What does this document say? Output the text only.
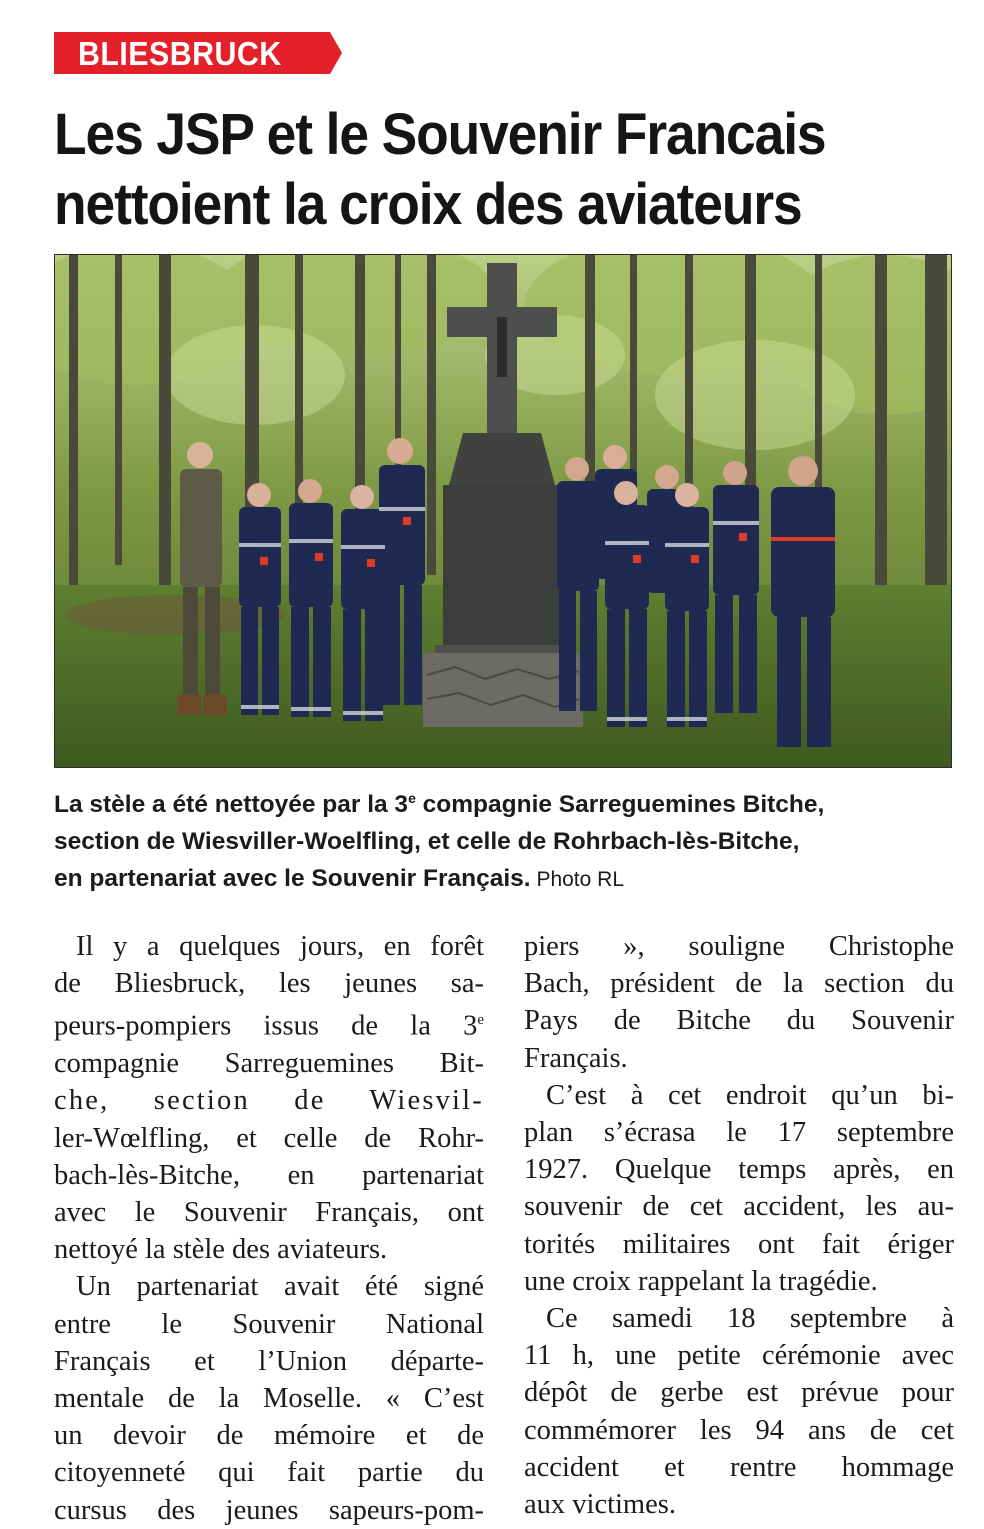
BLIESBRUCK
Les JSP et le Souvenir Francais
nettoient la croix des aviateurs
La stèle a été nettoyée par la 3e compagnie Sarreguemines Bitche,
section de Wiesviller-Woelfling, et celle de Rohrbach-lès-Bitche,
en partenariat avec le Souvenir Français. Photo RL

Il y a quelques jours, en forêt
de Bliesbruck, les jeunes sa-
peurs-pompiers issus de la 3e
compagnie Sarreguemines Bit-
che, section de Wiesvil-
ler-Wœlfling, et celle de Rohr-
bach-lès-Bitche, en partenariat
avec le Souvenir Français, ont
nettoyé la stèle des aviateurs.

Un partenariat avait été signé
entre le Souvenir National
Français et l’Union départe-
mentale de la Moselle. « C’est
un devoir de mémoire et de
citoyenneté qui fait partie du
cursus des jeunes sapeurs-pom-

piers », souligne Christophe
Bach, président de la section du
Pays de Bitche du Souvenir
Français.

C’est à cet endroit qu’un bi-
plan s’écrasa le 17 septembre
1927. Quelque temps après, en
souvenir de cet accident, les au-
torités militaires ont fait ériger
une croix rappelant la tragédie.

Ce samedi 18 septembre à
11 h, une petite cérémonie avec
dépôt de gerbe est prévue pour
commémorer les 94 ans de cet
accident et rentre hommage
aux victimes.
